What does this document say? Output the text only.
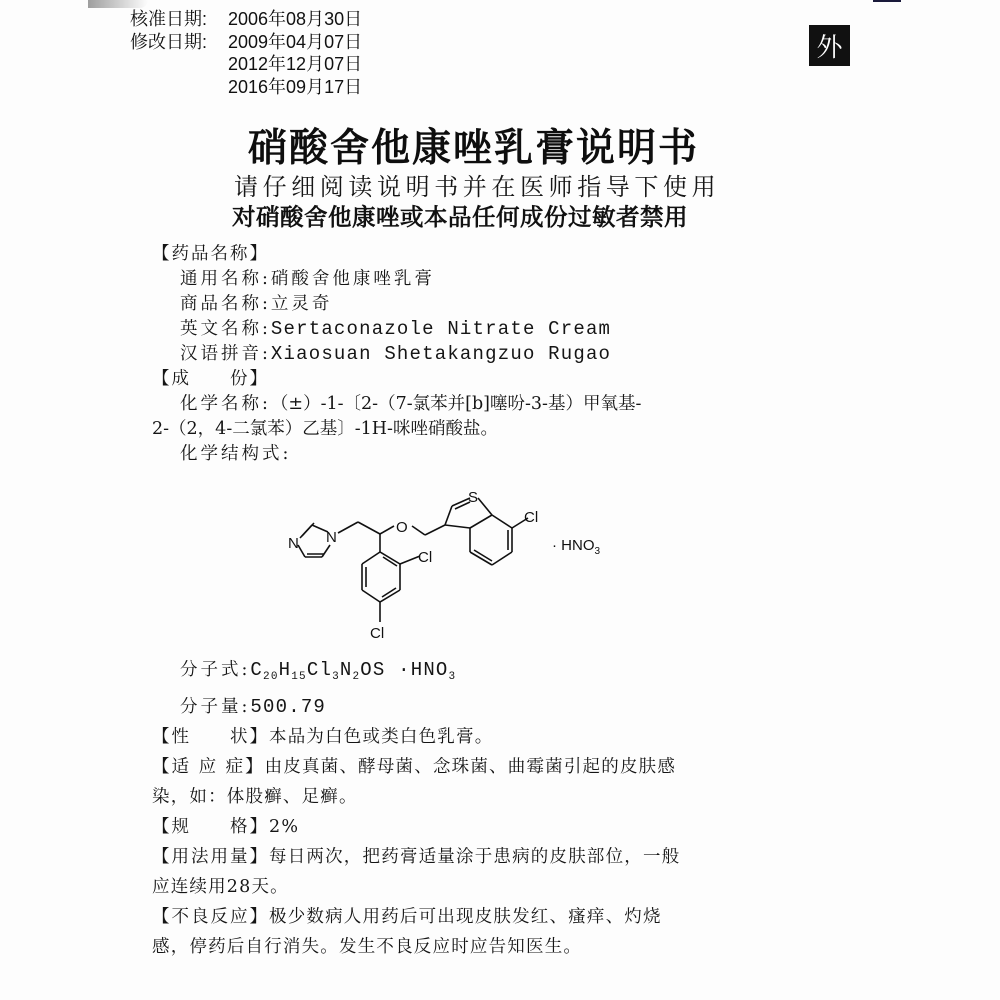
核准日期:	2006年08月30日
修改日期:	2009年04月07日
2012年12月07日
2016年09月17日
外
硝酸舍他康唑乳膏说明书
请仔细阅读说明书并在医师指导下使用
对硝酸舍他康唑或本品任何成份过敏者禁用
【药品名称】
通用名称:硝酸舍他康唑乳膏
商品名称:立灵奇
英文名称:Sertaconazole Nitrate Cream
汉语拼音:Xiaosuan Shetakangzuo Rugao
【成　　份】
化学名称:（±）-1-〔2-（7-氯苯并[b]噻吩-3-基）甲氧基-
2-（2，4-二氯苯）乙基〕-1H-咪唑硝酸盐。
化学结构式:
N N
O
S
Cl
Cl
Cl
· $HNO_3$
分子式$:C_{20}H_{15}Cl_3N_2OS \cdot HNO_3$
分子量:500.79
【性　　状】本品为白色或类白色乳膏。
【适 应 症】由皮真菌、酵母菌、念珠菌、曲霉菌引起的皮肤感
染，如：体股癣、足癣。
【规　　格】2%
【用法用量】每日两次，把药膏适量涂于患病的皮肤部位，一般
应连续用28天。
【不良反应】极少数病人用药后可出现皮肤发红、瘙痒、灼烧
感，停药后自行消失。发生不良反应时应告知医生。
